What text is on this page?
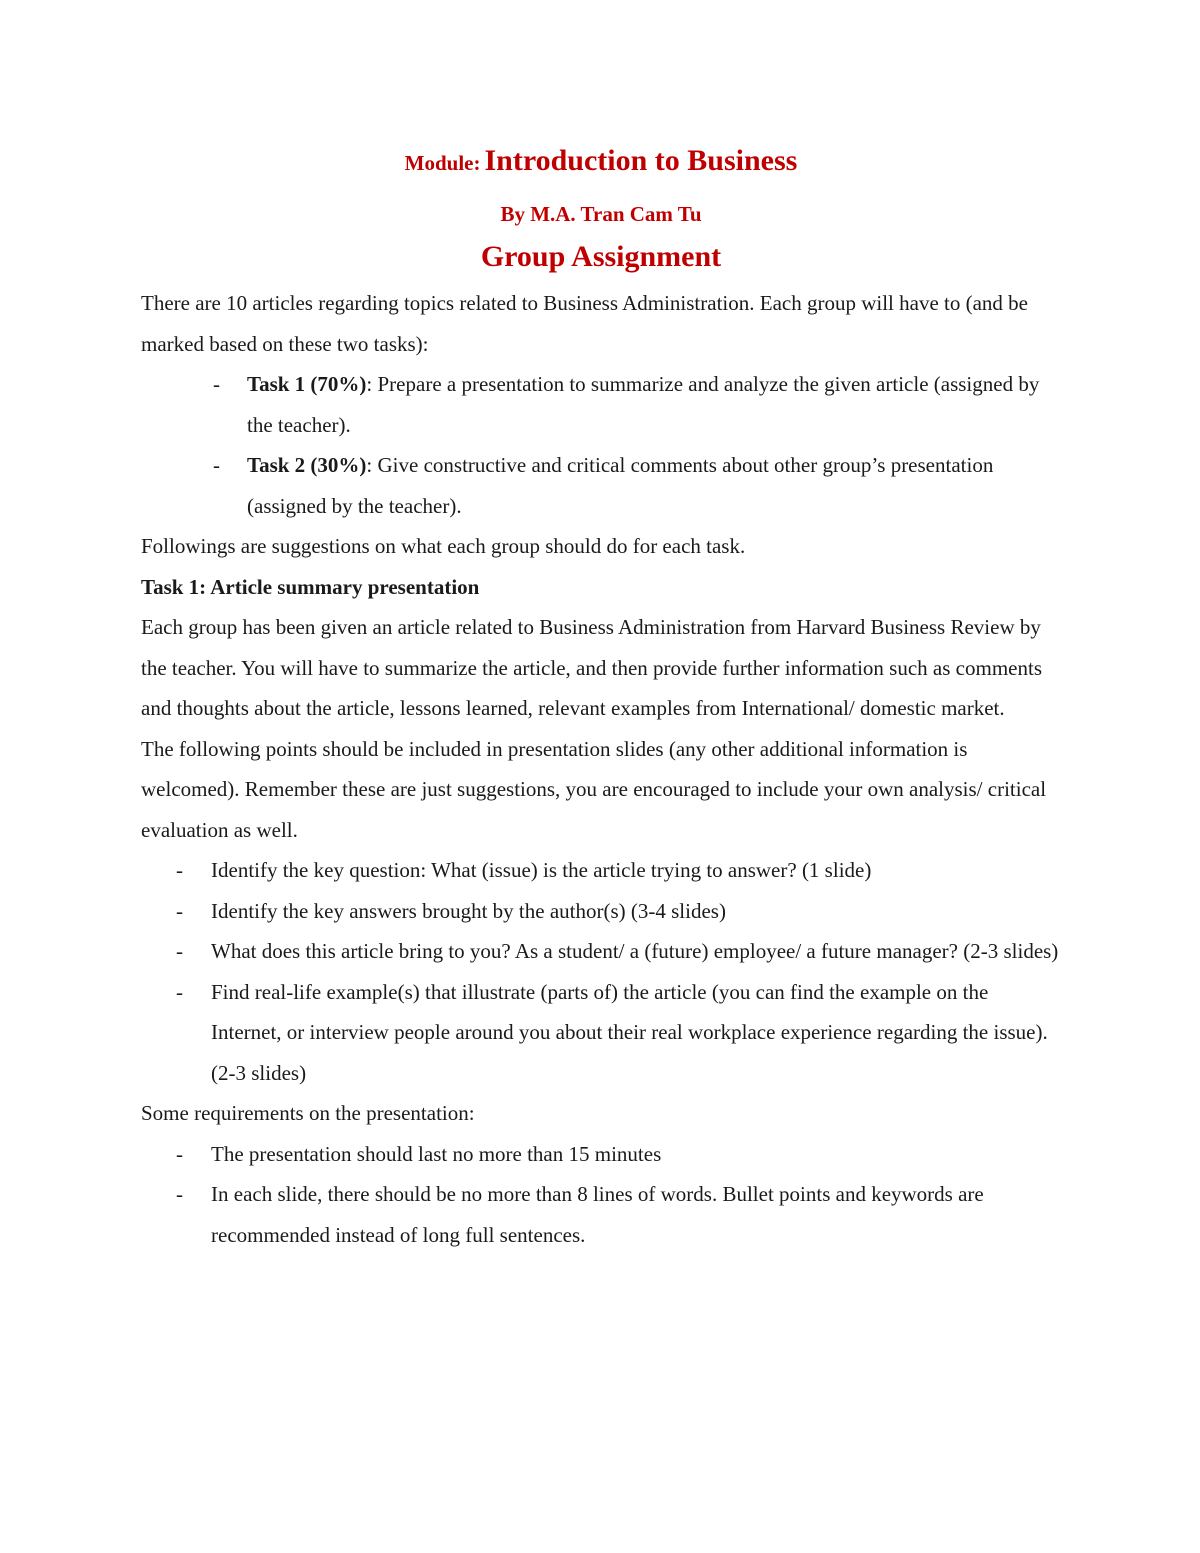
Module: Introduction to Business

By M.A. Tran Cam Tu

Group Assignment

There are 10 articles regarding topics related to Business Administration. Each group will have to (and be marked based on these two tasks):

- Task 1 (70%): Prepare a presentation to summarize and analyze the given article (assigned by the teacher).
- Task 2 (30%): Give constructive and critical comments about other group’s presentation (assigned by the teacher).

Followings are suggestions on what each group should do for each task.

Task 1: Article summary presentation

Each group has been given an article related to Business Administration from Harvard Business Review by the teacher. You will have to summarize the article, and then provide further information such as comments and thoughts about the article, lessons learned, relevant examples from International/ domestic market.

The following points should be included in presentation slides (any other additional information is welcomed). Remember these are just suggestions, you are encouraged to include your own analysis/ critical evaluation as well.

- Identify the key question: What (issue) is the article trying to answer? (1 slide)
- Identify the key answers brought by the author(s) (3-4 slides)
- What does this article bring to you? As a student/ a (future) employee/ a future manager? (2-3 slides)
- Find real-life example(s) that illustrate (parts of) the article (you can find the example on the Internet, or interview people around you about their real workplace experience regarding the issue). (2-3 slides)

Some requirements on the presentation:

- The presentation should last no more than 15 minutes
- In each slide, there should be no more than 8 lines of words. Bullet points and keywords are recommended instead of long full sentences.
